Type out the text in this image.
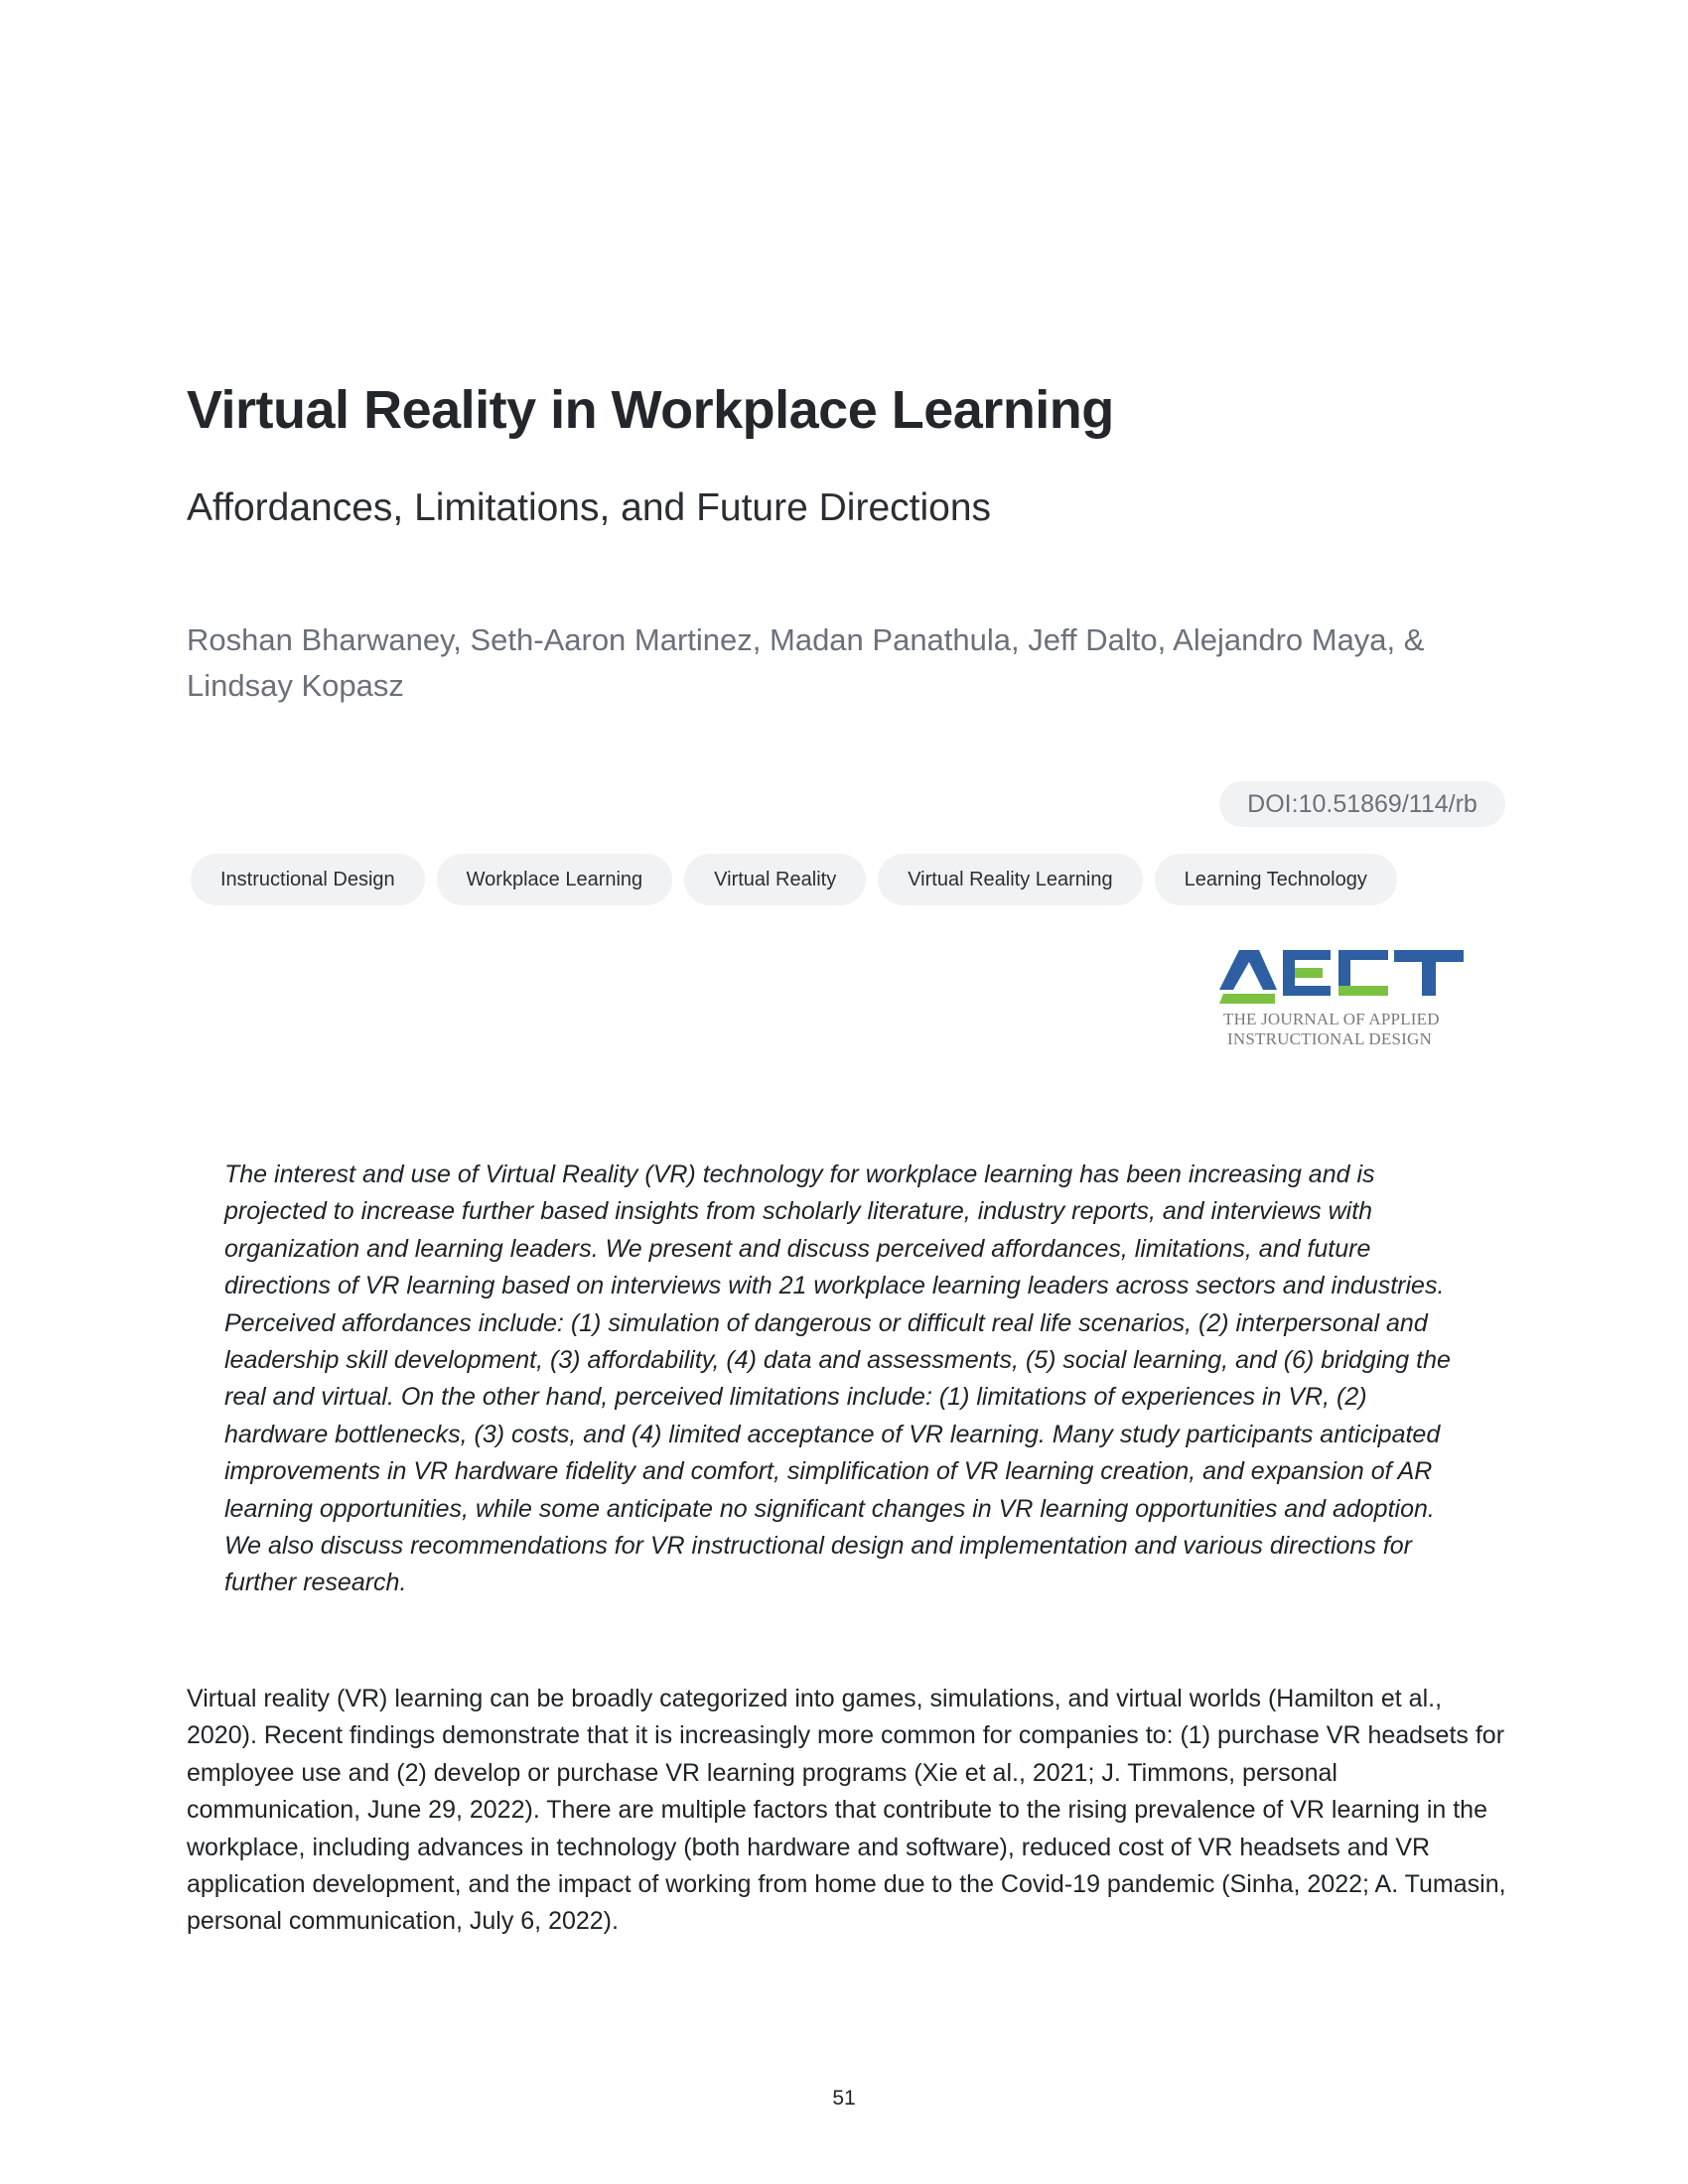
Virtual Reality in Workplace Learning
Affordances, Limitations, and Future Directions

Roshan Bharwaney, Seth-Aaron Martinez, Madan Panathula, Jeff Dalto, Alejandro Maya, & Lindsay Kopasz

DOI:10.51869/114/rb
Instructional Design	Workplace Learning	Virtual Reality	Virtual Reality Learning	Learning Technology
THE JOURNAL OF APPLIED
INSTRUCTIONAL DESIGN

The interest and use of Virtual Reality (VR) technology for workplace learning has been increasing and is projected to increase further based insights from scholarly literature, industry reports, and interviews with organization and learning leaders. We present and discuss perceived affordances, limitations, and future directions of VR learning based on interviews with 21 workplace learning leaders across sectors and industries. Perceived affordances include: (1) simulation of dangerous or difficult real life scenarios, (2) interpersonal and leadership skill development, (3) affordability, (4) data and assessments, (5) social learning, and (6) bridging the real and virtual. On the other hand, perceived limitations include: (1) limitations of experiences in VR, (2) hardware bottlenecks, (3) costs, and (4) limited acceptance of VR learning. Many study participants anticipated improvements in VR hardware fidelity and comfort, simplification of VR learning creation, and expansion of AR learning opportunities, while some anticipate no significant changes in VR learning opportunities and adoption. We also discuss recommendations for VR instructional design and implementation and various directions for further research.

Virtual reality (VR) learning can be broadly categorized into games, simulations, and virtual worlds (Hamilton et al., 2020). Recent findings demonstrate that it is increasingly more common for companies to: (1) purchase VR headsets for employee use and (2) develop or purchase VR learning programs (Xie et al., 2021; J. Timmons, personal communication, June 29, 2022). There are multiple factors that contribute to the rising prevalence of VR learning in the workplace, including advances in technology (both hardware and software), reduced cost of VR headsets and VR application development, and the impact of working from home due to the Covid-19 pandemic (Sinha, 2022; A. Tumasin, personal communication, July 6, 2022).

51
